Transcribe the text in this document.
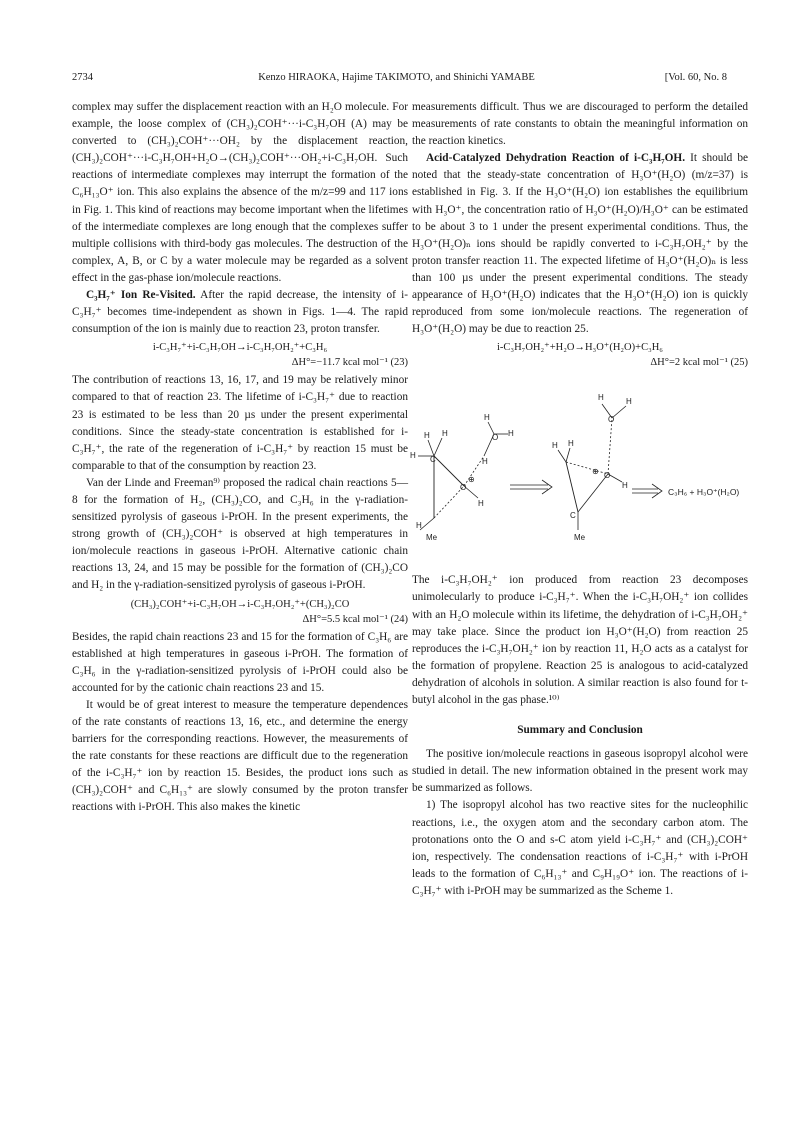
2734	Kenzo HIRAOKA, Hajime TAKIMOTO, and Shinichi YAMABE	[Vol. 60, No. 8

complex may suffer the displacement reaction with an H₂O molecule. For example, the loose complex of (CH₃)₂COH⁺···i-C₃H₇OH (A) may be converted to (CH₃)₂COH⁺···OH₂ by the displacement reaction, (CH₃)₂COH⁺···i-C₃H₇OH+H₂O→(CH₃)₂COH⁺···OH₂+i-C₃H₇OH. Such reactions of intermediate complexes may interrupt the formation of the C₆H₁₃O⁺ ion. This also explains the absence of the m/z=99 and 117 ions in Fig. 1. This kind of reactions may become important when the lifetimes of the intermediate complexes are long enough that the complexes suffer multiple collisions with third-body gas molecules. The destruction of the complex, A, B, or C by a water molecule may be regarded as a solvent effect in the gas-phase ion/molecule reactions.

C₃H₇⁺ Ion Re-Visited. After the rapid decrease, the intensity of i-C₃H₇⁺ becomes time-independent as shown in Figs. 1—4. The rapid consumption of the ion is mainly due to reaction 23, proton transfer.

i-C₃H₇⁺+i-C₃H₇OH→i-C₃H₇OH₂⁺+C₃H₆
ΔH°=−11.7 kcal mol⁻¹ (23)

The contribution of reactions 13, 16, 17, and 19 may be relatively minor compared to that of reaction 23. The lifetime of i-C₃H₇⁺ due to reaction 23 is estimated to be less than 20 µs under the present experimental conditions. Since the steady-state concentration is established for i-C₃H₇⁺, the rate of the regeneration of i-C₃H₇⁺ by reaction 15 must be comparable to that of the consumption by reaction 23.

Van der Linde and Freeman⁹⁾ proposed the radical chain reactions 5—8 for the formation of H₂, (CH₃)₂CO, and C₃H₆ in the γ-radiation-sensitized pyrolysis of gaseous i-PrOH. In the present experiments, the strong growth of (CH₃)₂COH⁺ is observed at high temperatures in ion/molecule reactions in gaseous i-PrOH. Alternative cationic chain reactions 13, 24, and 15 may be possible for the formation of (CH₃)₂CO and H₂ in the γ-radiation-sensitized pyrolysis of gaseous i-PrOH.

(CH₃)₂COH⁺+i-C₃H₇OH→i-C₃H₇OH₂⁺+(CH₃)₂CO
ΔH°=5.5 kcal mol⁻¹ (24)

Besides, the rapid chain reactions 23 and 15 for the formation of C₃H₆ are established at high temperatures in gaseous i-PrOH. The formation of C₃H₆ in the γ-radiation-sensitized pyrolysis of i-PrOH could also be accounted for by the cationic chain reactions 23 and 15.

It would be of great interest to measure the temperature dependences of the rate constants of reactions 13, 16, etc., and determine the energy barriers for the corresponding reactions. However, the measurements of the rate constants for these reactions are difficult due to the regeneration of the i-C₃H₇⁺ ion by reaction 15. Besides, the product ions such as (CH₃)₂COH⁺ and C₆H₁₃⁺ are slowly consumed by the proton transfer reactions with i-PrOH. This also makes the kinetic

measurements difficult. Thus we are discouraged to perform the detailed measurements of rate constants to obtain the meaningful information on the reaction kinetics.

Acid-Catalyzed Dehydration Reaction of i-C₃H₇OH. It should be noted that the steady-state concentration of H₃O⁺(H₂O) (m/z=37) is established in Fig. 3. If the H₃O⁺(H₂O) ion establishes the equilibrium with H₃O⁺, the concentration ratio of H₃O⁺(H₂O)/H₃O⁺ can be estimated to be about 3 to 1 under the present experimental conditions. Thus, the H₃O⁺(H₂O)ₙ ions should be rapidly converted to i-C₃H₇OH₂⁺ by the proton transfer reaction 11. The expected lifetime of H₃O⁺(H₂O)ₙ is less than 100 µs under the present experimental conditions. The steady appearance of H₃O⁺(H₂O) indicates that the H₃O⁺(H₂O) ion is quickly reproduced from some ion/molecule reactions. The regeneration of H₃O⁺(H₂O) may be due to reaction 25.

i-C₃H₇OH₂⁺+H₂O→H₃O⁺(H₂O)+C₃H₆
ΔH°=2 kcal mol⁻¹ (25)
H
H
H
C
H
Me
O
⊕
H
H
O H
H
H H
C
Me
O
⊕
H
O
H	H
C₃H₆ + H₃O⁺(H₂O)

The i-C₃H₇OH₂⁺ ion produced from reaction 23 decomposes unimolecularly to produce i-C₃H₇⁺. When the i-C₃H₇OH₂⁺ ion collides with an H₂O molecule within its lifetime, the dehydration of i-C₃H₇OH₂⁺ may take place. Since the product ion H₃O⁺(H₂O) from reaction 25 reproduces the i-C₃H₇OH₂⁺ ion by reaction 11, H₂O acts as a catalyst for the formation of propylene. Reaction 25 is analogous to acid-catalyzed dehydration of alcohols in solution. A similar reaction is also found for t-butyl alcohol in the gas phase.¹⁰⁾

Summary and Conclusion

The positive ion/molecule reactions in gaseous isopropyl alcohol were studied in detail. The new information obtained in the present work may be summarized as follows.

1) The isopropyl alcohol has two reactive sites for the nucleophilic reactions, i.e., the oxygen atom and the secondary carbon atom. The protonations onto the O and s-C atom yield i-C₃H₇⁺ and (CH₃)₂COH⁺ ion, respectively. The condensation reactions of i-C₃H₇⁺ with i-PrOH leads to the formation of C₆H₁₃⁺ and C₉H₁₉O⁺ ion. The reactions of i-C₃H₇⁺ with i-PrOH may be summarized as the Scheme 1.
